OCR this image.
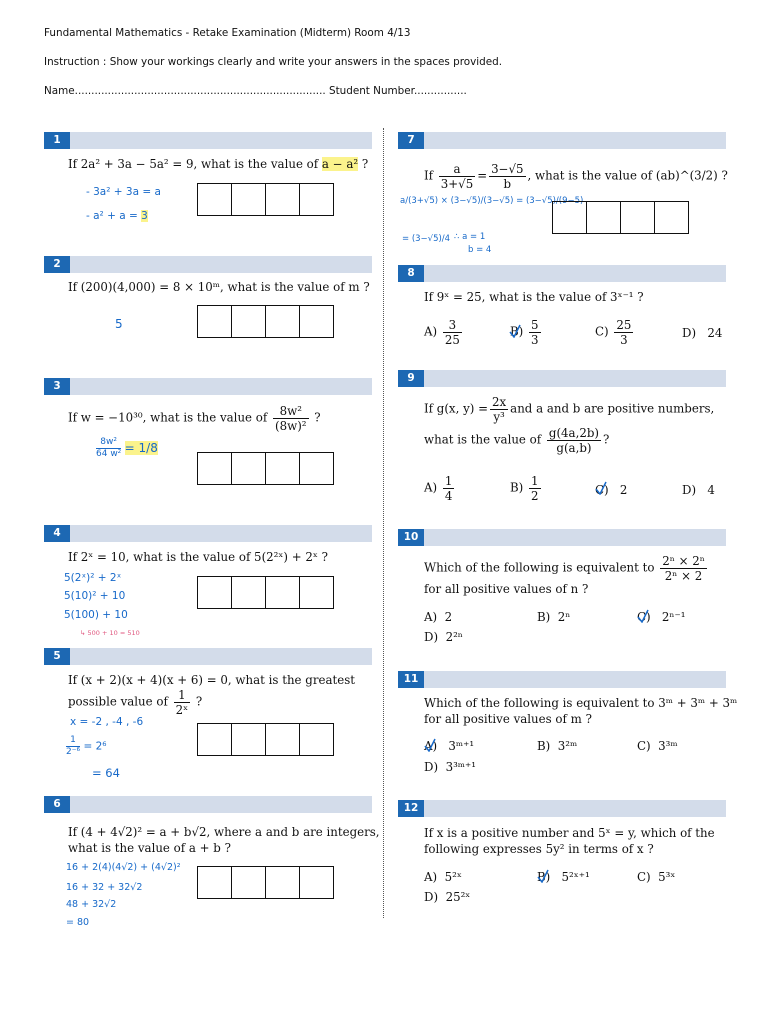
Fundamental Mathematics - Retake Examination (Midterm) Room 4/13
Instruction : Show your workings clearly and write your answers in the spaces provided.
Name............................................................................ Student Number................
1
If 2a² + 3a − 5a² = 9, what is the value of a − a² ?
- 3a² + 3a = a
- a² + a = 3
2
If (200)(4,000) = 8 × 10ᵐ, what is the value of m ?
5
3
If w = −10³⁰, what is the value of $\frac{\text{8w²}}{\text{(8w)²}}$ ?
$\frac{\text{8w²}}{\text{64 w²}} = 1/8$
4
If 2ˣ = 10, what is the value of 5(2²ˣ) + 2ˣ ?
5(2ˣ)² + 2ˣ
5(10)² + 10
5(100) + 10
↳ 500 + 10 = 510
5
If (x + 2)(x + 4)(x + 6) = 0, what is the greatest
possible value of $\frac{1}{\text{2ˣ}}$ ?
x = -2 , -4 , -6
$\frac{1}{\text{2⁻⁶}} = 2^6$
= 64
6
If (4 + 4√2)² = a + b√2, where a and b are integers,
what is the value of a + b ?
16 + 2(4)(4√2) + (4√2)²
16 + 32 + 32√2
48 + 32√2
= 80
7
If $\frac{a}{3+√5} = \frac{3-√5}{b}$ , what is the value of (ab)^(3/2) ?
a/(3+√5) × (3−√5)/(3−√5) = (3−√5)/(9−5)
= (3−√5)/4 ∴ a = 1
b = 4
8
If 9ˣ = 25, what is the value of 3ˣ⁻¹ ?
$A) \frac{3}{25}$	$B) \frac{5}{3}$	$C) \frac{25}{3}$	D) 24
9
If g(x, $y) = \frac{2x}{\text{y³}}$ and a and b are positive numbers,
what is the value of $\frac{g(4a,2b)}{g(a,b)}$ ?
$A) \frac{1}{4}$	$B) \frac{1}{2}$	C) 2	D) 4
10
Which of the following is equivalent to $\frac{\text{2ⁿ × 2ⁿ}}{\text{2ⁿ × 2}}$
for all positive values of n ?
A) 2	B) 2ⁿ	C) 2ⁿ⁻¹
D) 2²ⁿ
11
Which of the following is equivalent to 3ᵐ + 3ᵐ + 3ᵐ
for all positive values of m ?
A) 3ᵐ⁺¹	B) 3²ᵐ	C) 3³ᵐ
D) 3³ᵐ⁺¹
12
If x is a positive number and 5ˣ = y, which of the
following expresses 5y² in terms of x ?
A) 5²ˣ	B) 5²ˣ⁺¹	C) 5³ˣ
D) 25²ˣ
